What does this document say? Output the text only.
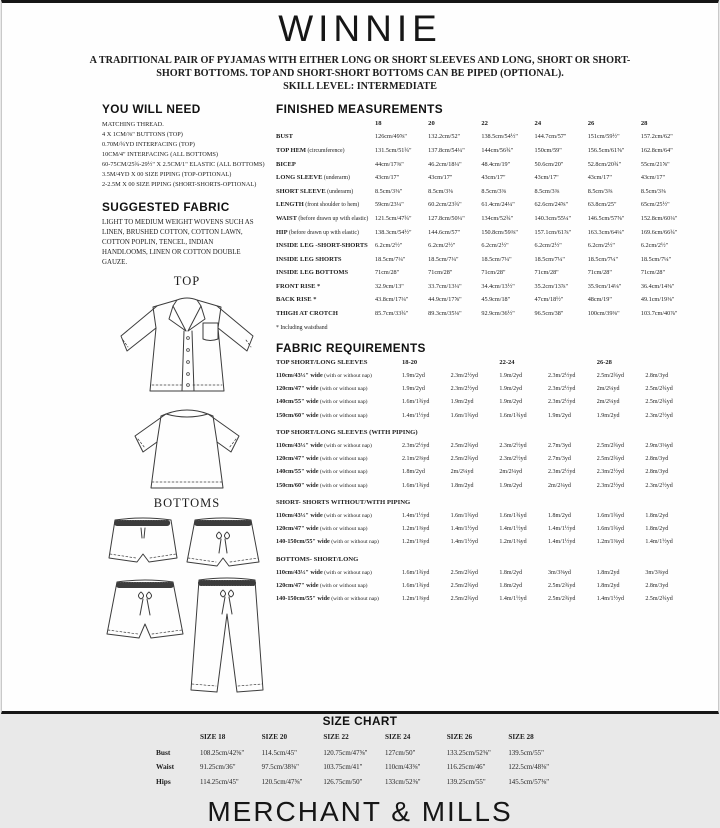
WINNIE

A TRADITIONAL PAIR OF PYJAMAS WITH EITHER LONG OR SHORT SLEEVES AND LONG, SHORT OR SHORT-SHORT BOTTOMS. TOP AND SHORT-SHORT BOTTOMS CAN BE PIPED (OPTIONAL).

SKILL LEVEL: INTERMEDIATE

YOU WILL NEED
MATCHING THREAD.
4 X 1CM/⅜" BUTTONS (TOP)
0.70M/¾YD INTERFACING (TOP)
10CM/4" INTERFACING (ALL BOTTOMS)
60-75CM/25¾-29½" X 2.5CM/1" ELASTIC (ALL BOTTOMS)
3.5M/4YD X 00 SIZE PIPING (TOP-OPTIONAL)
2-2.5M X 00 SIZE PIPING (SHORT-SHORTS-OPTIONAL)
SUGGESTED FABRIC

LIGHT TO MEDIUM WEIGHT WOVENS SUCH AS LINEN, BRUSHED COTTON, COTTON LAWN, COTTON POPLIN, TENCEL, INDIAN HANDLOOMS, LINEN OR COTTON DOUBLE GAUZE.

TOP
BOTTOMS
FINISHED MEASUREMENTS
18	20	22	24	26	28
BUST	126cm/49⅝"	132.2cm/52"	138.5cm/54½"	144.7cm/57"	151cm/59½"	157.2cm/62"
TOP HEM (circumference)	131.5cm/51¾"	137.8cm/54¼"	144cm/56¾"	150cm/59"	156.5cm/61⅝"	162.8cm/64"
BICEP	44cm/17⅜"	46.2cm/18¼"	48.4cm/19"	50.6cm/20"	52.8cm/20¾"	55cm/21⅝"
LONG SLEEVE (underarm)	43cm/17"	43cm/17"	43cm/17"	43cm/17"	43cm/17"	43cm/17"
SHORT SLEEVE (underarm)	8.5cm/3⅜"	8.5cm/3⅜	8.5cm/3⅜	8.5cm/3⅜	8.5cm/3⅜	8.5cm/3⅜
LENGTH (front shoulder to hem)	59cm/23¼"	60.2cm/23¾"	61.4cm/24¼"	62.6cm/24⅝"	63.8cm/25"	65cm/25½"
WAIST (before drawn up with elastic)	121.5cm/47¾"	127.8cm/50¼"	134cm/52¾"	140.3cm/55¼"	146.5cm/57⅝"	152.8cm/60¼"
HIP (before drawn up with elastic)	138.3cm/54½"	144.6cm/57"	150.8cm/59⅜"	157.1cm/61⅞"	163.3cm/64¼"	169.6cm/66¾"
INSIDE LEG -SHORT-SHORTS	6.2cm/2½"	6.2cm/2½"	6.2cm/2½"	6.2cm/2½"	6.2cm/2½"	6.2cm/2½"
INSIDE LEG SHORTS	18.5cm/7¼"	18.5cm/7¼"	18.5cm/7¼"	18.5cm/7¼"	18.5cm/7¼"	18.5cm/7¼"
INSIDE LEG BOTTOMS	71cm/28"	71cm/28"	71cm/28"	71cm/28"	71cm/28"	71cm/28"
FRONT RISE *	32.9cm/13"	33.7cm/13¼"	34.4cm/13½"	35.2cm/13⅞"	35.9cm/14⅛"	36.4cm/14⅜"
BACK RISE *	43.8cm/17¼"	44.9cm/17⅝"	45.9cm/18"	47cm/18½"	48cm/19"	49.1cm/19⅜"
THIGH AT CROTCH	85.7cm/33¾"	89.3cm/35⅛"	92.9cm/36½"	96.5cm/38"	100cm/39⅜"	103.7cm/40⅞"
* Including waistband
FABRIC REQUIREMENTS
TOP SHORT/LONG SLEEVES	18-20	22-24	26-28
110cm/43½" wide (with or without nap)	1.9m/2yd	2.3m/2½yd	1.9m/2yd	2.3m/2½yd	2.5m/2¾yd	2.8m/3yd
120cm/47" wide (with or without nap)	1.9m/2yd	2.3m/2½yd	1.9m/2yd	2.3m/2½yd	2m/2¼yd	2.5m/2¾yd
140cm/55" wide (with or without nap)	1.6m/1¾yd	1.9m/2yd	1.9m/2yd	2.3m/2½yd	2m/2¼yd	2.5m/2¾yd
150cm/60" wide (with or without nap)	1.4m/1½yd	1.6m/1¾yd	1.6m/1¾yd	1.9m/2yd	1.9m/2yd	2.3m/2½yd
TOP SHORT/LONG SLEEVES (WITH PIPING)
110cm/43½" wide (with or without nap)	2.3m/2½yd	2.5m/2¾yd	2.3m/2½yd	2.7m/3yd	2.5m/2¾yd	2.9m/3⅛yd
120cm/47" wide (with or without nap)	2.1m/2⅜yd	2.5m/2¾yd	2.3m/2½yd	2.7m/3yd	2.5m/2¾yd	2.8m/3yd
140cm/55" wide (with or without nap)	1.8m/2yd	2m/2¼yd	2m/2¼yd	2.3m/2½yd	2.3m/2½yd	2.8m/3yd
150cm/60" wide (with or without nap)	1.6m/1¾yd	1.8m/2yd	1.9m/2yd	2m/2¼yd	2.3m/2½yd	2.3m/2½yd
SHORT- SHORTS WITHOUT/WITH PIPING
110cm/43½" wide (with or without nap)	1.4m/1½yd	1.6m/1¾yd	1.6m/1¾yd	1.8m/2yd	1.6m/1¾yd	1.8m/2yd
120cm/47" wide (with or without nap)	1.2m/1⅜yd	1.4m/1½yd	1.4m/1½yd	1.4m/1½yd	1.6m/1¾yd	1.8m/2yd
140-150cm/55" wide (with or without nap)	1.2m/1⅜yd	1.4m/1½yd	1.2m/1⅜yd	1.4m/1½yd	1.2m/1⅜yd	1.4m/1½yd
BOTTOMS- SHORT/LONG
110cm/43½" wide (with or without nap)	1.6m/1¾yd	2.5m/2¾yd	1.8m/2yd	3m/3⅜yd	1.8m/2yd	3m/3⅜yd
120cm/47" wide (with or without nap)	1.6m/1¾yd	2.5m/2¾yd	1.8m/2yd	2.5m/2¾yd	1.8m/2yd	2.8m/3yd
140-150cm/55" wide (with or without nap)	1.2m/1⅜yd	2.5m/2¾yd	1.4m/1½yd	2.5m/2¾yd	1.4m/1½yd	2.5m/2¾yd
SIZE CHART
SIZE 18	SIZE 20	SIZE 22	SIZE 24	SIZE 26	SIZE 28
Bust	108.25cm/42⅝"	114.5cm/45"	120.75cm/47⅝"	127cm/50"	133.25cm/52⅝"	139.5cm/55"
Waist	91.25cm/36"	97.5cm/38⅜"	103.75cm/41"	110cm/43⅜"	116.25cm/46"	122.5cm/48⅜"
Hips	114.25cm/45"	120.5cm/47⅝"	126.75cm/50"	133cm/52⅜"	139.25cm/55"	145.5cm/57⅜"
MERCHANT & MILLS
